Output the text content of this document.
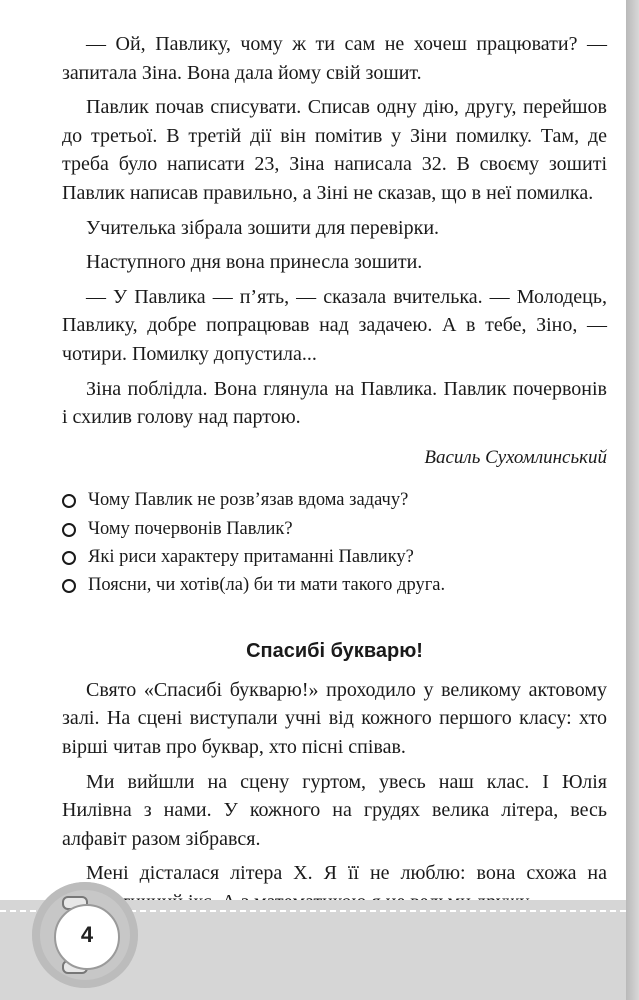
— Ой, Павлику, чому ж ти сам не хочеш працювати? — запитала Зіна. Вона дала йому свій зошит.

Павлик почав списувати. Списав одну дію, другу, перейшов до третьої. В третій дії він помітив у Зіни помилку. Там, де треба було написати 23, Зіна написала 32. В своєму зошиті Павлик написав правильно, а Зіні не сказав, що в неї помилка.

Учителька зібрала зошити для перевірки.

Наступного дня вона принесла зошити.

— У Павлика — п’ять, — сказала вчителька. — Молодець, Павлику, добре попрацював над задачею. А в тебе, Зіно, — чотири. Помилку допустила...

Зіна поблідла. Вона глянула на Павлика. Павлик почервонів і схилив голову над партою.

Василь Сухомлинський
Чому Павлик не розв’язав вдома задачу?
Чому почервонів Павлик?
Які риси характеру притаманні Павлику?
Поясни, чи хотів(ла) би ти мати такого друга.
Спасибі букварю!

Свято «Спасибі букварю!» проходило у великому актовому залі. На сцені виступали учні від кожного першого класу: хто вірші читав про буквар, хто пісні співав.

Ми вийшли на сцену гуртом, увесь наш клас. І Юлія Нилівна з нами. У кожного на грудях велика літера, весь алфавіт разом зібрався.

Мені дісталася літера Х. Я її не люблю: вона схожа на

4
